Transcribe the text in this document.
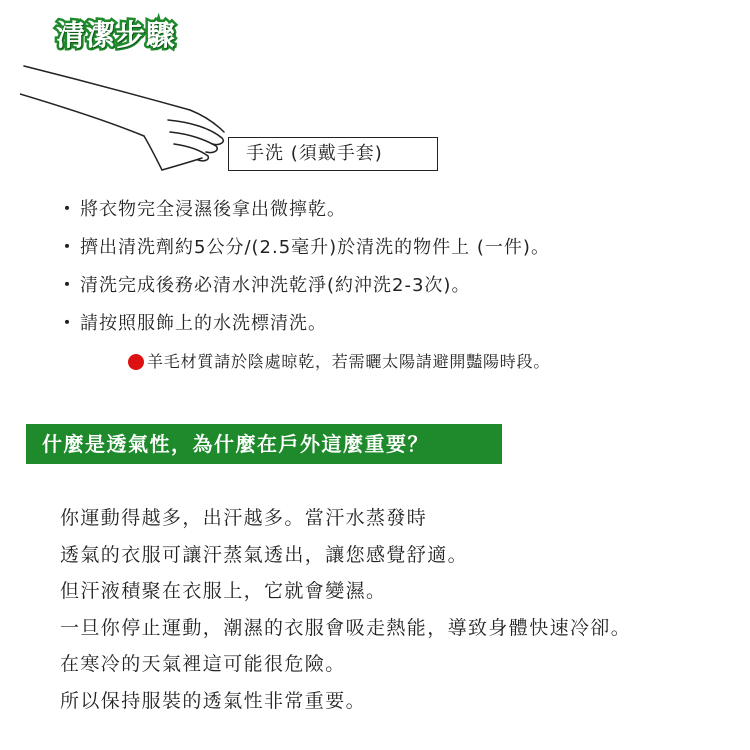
清潔步驟
手洗 (須戴手套)
・ 將衣物完全浸濕後拿出微擰乾。
・ 擠出清洗劑約5公分/(2.5毫升)於清洗的物件上 (一件)。
・ 清洗完成後務必清水沖洗乾淨(約沖洗2-3次)。
・ 請按照服飾上的水洗標清洗。
羊毛材質請於陰處晾乾，若需曬太陽請避開豔陽時段。
什麼是透氣性，為什麼在戶外這麼重要？
你運動得越多，出汗越多。當汗水蒸發時
透氣的衣服可讓汗蒸氣透出，讓您感覺舒適。
但汗液積聚在衣服上，它就會變濕。
一旦你停止運動，潮濕的衣服會吸走熱能，導致身體快速冷卻。
在寒冷的天氣裡這可能很危險。
所以保持服裝的透氣性非常重要。
